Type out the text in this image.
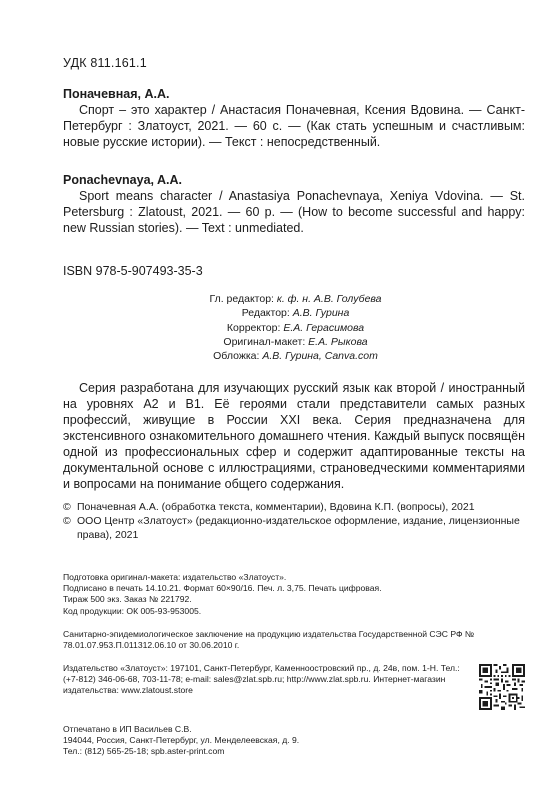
УДК 811.161.1
Поначевная, А.А.
Спорт – это характер / Анастасия Поначевная, Ксения Вдовина. — Санкт-Петербург : Златоуст, 2021. — 60 с. — (Как стать успешным и счастливым: новые русские истории). — Текст : непосредственный.
Ponachevnaya, A.A.
Sport means character / Anastasiya Ponachevnaya, Xeniya Vdovina. — St. Petersburg : Zlatoust, 2021. — 60 p. — (How to become successful and happy: new Russian stories). — Text : unmediated.
ISBN 978-5-907493-35-3
Гл. редактор: к. ф. н. А.В. Голубева
Редактор: А.В. Гурина
Корректор: Е.А. Герасимова
Оригинал-макет: Е.А. Рыкова
Обложка: А.В. Гурина, Canva.com
Серия разработана для изучающих русский язык как второй / иностранный на уровнях А2 и В1. Её героями стали представители самых разных профессий, живущие в России XXI века. Серия предназначена для экстенсивного ознакомительного домашнего чтения. Каждый выпуск посвящён одной из профессиональных сфер и содержит адаптированные тексты на документальной основе с иллюстрациями, страноведческими комментариями и вопросами на понимание общего содержания.
© Поначевная А.А. (обработка текста, комментарии), Вдовина К.П. (вопросы), 2021
© ООО Центр «Златоуст» (редакционно-издательское оформление, издание, лицензионные права), 2021
Подготовка оригинал-макета: издательство «Златоуст».
Подписано в печать 14.10.21. Формат 60×90/16. Печ. л. 3,75. Печать цифровая.
Тираж 500 экз. Заказ № 221792.
Код продукции: ОК 005-93-953005.
Санитарно-эпидемиологическое заключение на продукцию издательства Государственной СЭС РФ № 78.01.07.953.П.011312.06.10 от 30.06.2010 г.
Издательство «Златоуст»: 197101, Санкт-Петербург, Каменноостровский пр., д. 24в, пом. 1-Н. Тел.: (+7-812) 346-06-68, 703-11-78; e-mail: sales@zlat.spb.ru; http://www.zlat.spb.ru. Интернет-магазин издательства: www.zlatoust.store
Отпечатано в ИП Васильев С.В.
194044, Россия, Санкт-Петербург, ул. Менделеевская, д. 9.
Тел.: (812) 565-25-18; spb.aster-print.com
